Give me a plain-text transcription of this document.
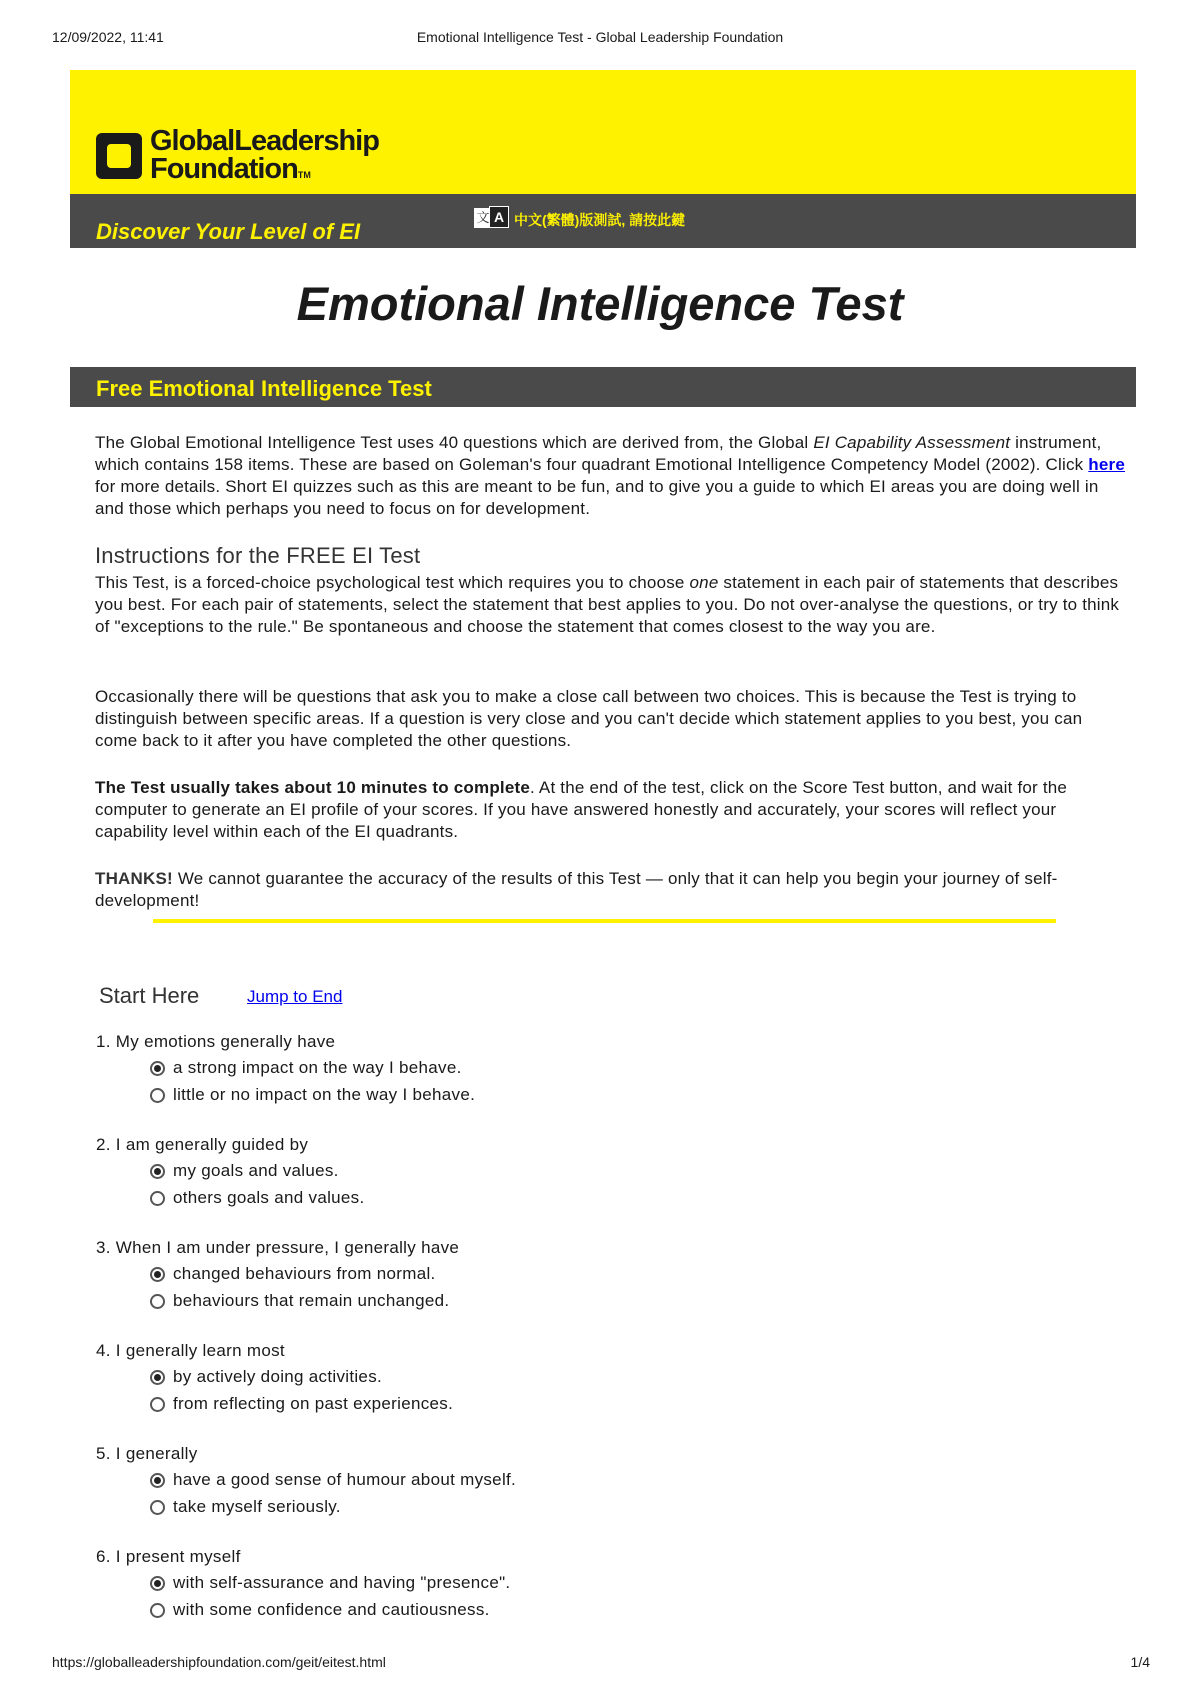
12/09/2022, 11:41	Emotional Intelligence Test - Global Leadership Foundation
GlobalLeadership
FoundationTM
Discover Your Level of EI
文 A 中文(繁體)版測試, 請按此鍵
Emotional Intelligence Test
Free Emotional Intelligence Test

The Global Emotional Intelligence Test uses 40 questions which are derived from, the Global EI Capability Assessment instrument, which contains 158 items. These are based on Goleman's four quadrant Emotional Intelligence Competency Model (2002). Click here for more details. Short EI quizzes such as this are meant to be fun, and to give you a guide to which EI areas you are doing well in and those which perhaps you need to focus on for development.

Instructions for the FREE EI Test

This Test, is a forced-choice psychological test which requires you to choose one statement in each pair of statements that describes you best. For each pair of statements, select the statement that best applies to you. Do not over-analyse the questions, or try to think of "exceptions to the rule." Be spontaneous and choose the statement that comes closest to the way you are.

Occasionally there will be questions that ask you to make a close call between two choices. This is because the Test is trying to distinguish between specific areas. If a question is very close and you can't decide which statement applies to you best, you can come back to it after you have completed the other questions.

The Test usually takes about 10 minutes to complete. At the end of the test, click on the Score Test button, and wait for the computer to generate an EI profile of your scores. If you have answered honestly and accurately, your scores will reflect your capability level within each of the EI quadrants.

THANKS! We cannot guarantee the accuracy of the results of this Test — only that it can help you begin your journey of self-development!

Start Here	Jump to End
1. My emotions generally have
a strong impact on the way I behave.
little or no impact on the way I behave.
2. I am generally guided by
my goals and values.
others goals and values.
3. When I am under pressure, I generally have
changed behaviours from normal.
behaviours that remain unchanged.
4. I generally learn most
by actively doing activities.
from reflecting on past experiences.
5. I generally
have a good sense of humour about myself.
take myself seriously.
6. I present myself
with self-assurance and having "presence".
with some confidence and cautiousness.
https://globalleadershipfoundation.com/geit/eitest.html	1/4
